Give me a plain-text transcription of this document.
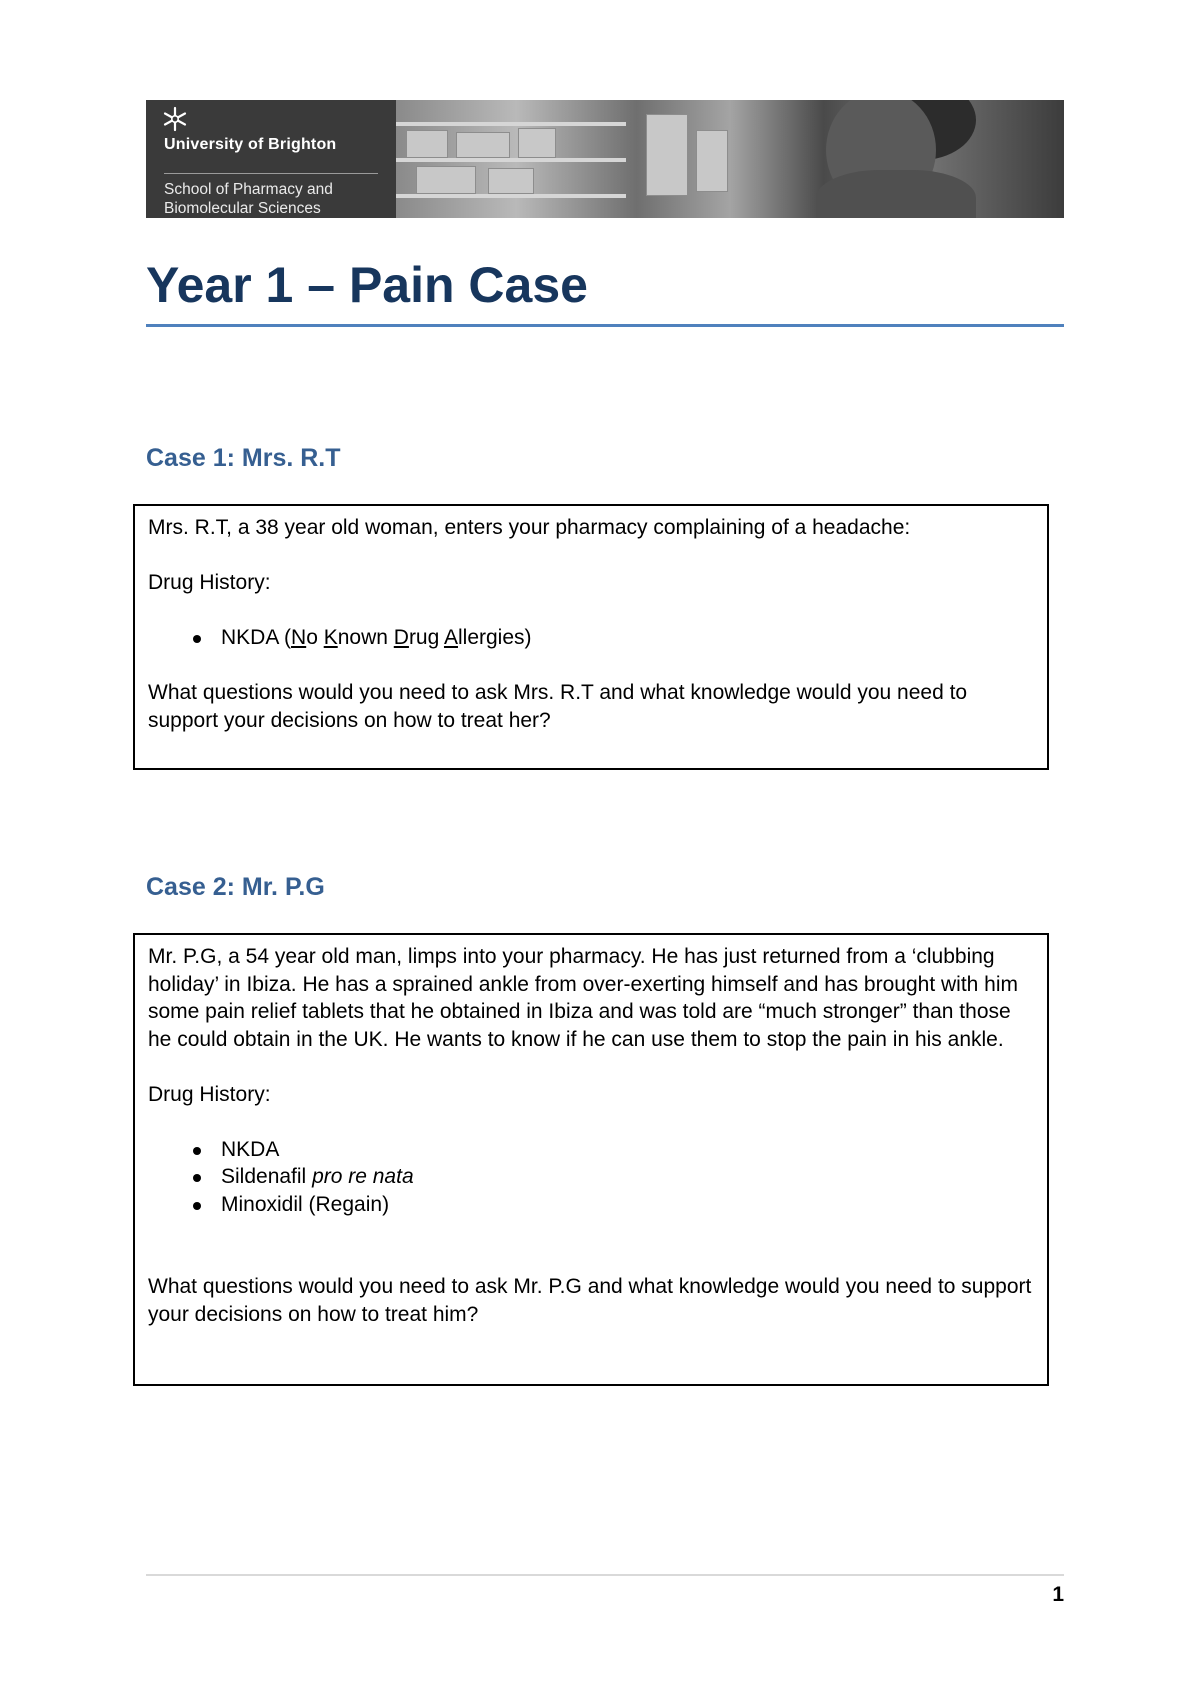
University of Brighton
School of Pharmacy and
Biomolecular Sciences
Year 1 – Pain Case
Case 1: Mrs. R.T

Mrs. R.T, a 38 year old woman, enters your pharmacy complaining of a headache:

Drug History:

NKDA (No Known Drug Allergies)

What questions would you need to ask Mrs. R.T and what knowledge would you need to support your decisions on how to treat her?

Case 2: Mr. P.G

Mr. P.G, a 54 year old man, limps into your pharmacy. He has just returned from a ‘clubbing holiday’ in Ibiza. He has a sprained ankle from over-exerting himself and has brought with him some pain relief tablets that he obtained in Ibiza and was told are “much stronger” than those he could obtain in the UK. He wants to know if he can use them to stop the pain in his ankle.

Drug History:

NKDA
Sildenafil pro re nata
Minoxidil (Regain)

What questions would you need to ask Mr. P.G and what knowledge would you need to support your decisions on how to treat him?

1
